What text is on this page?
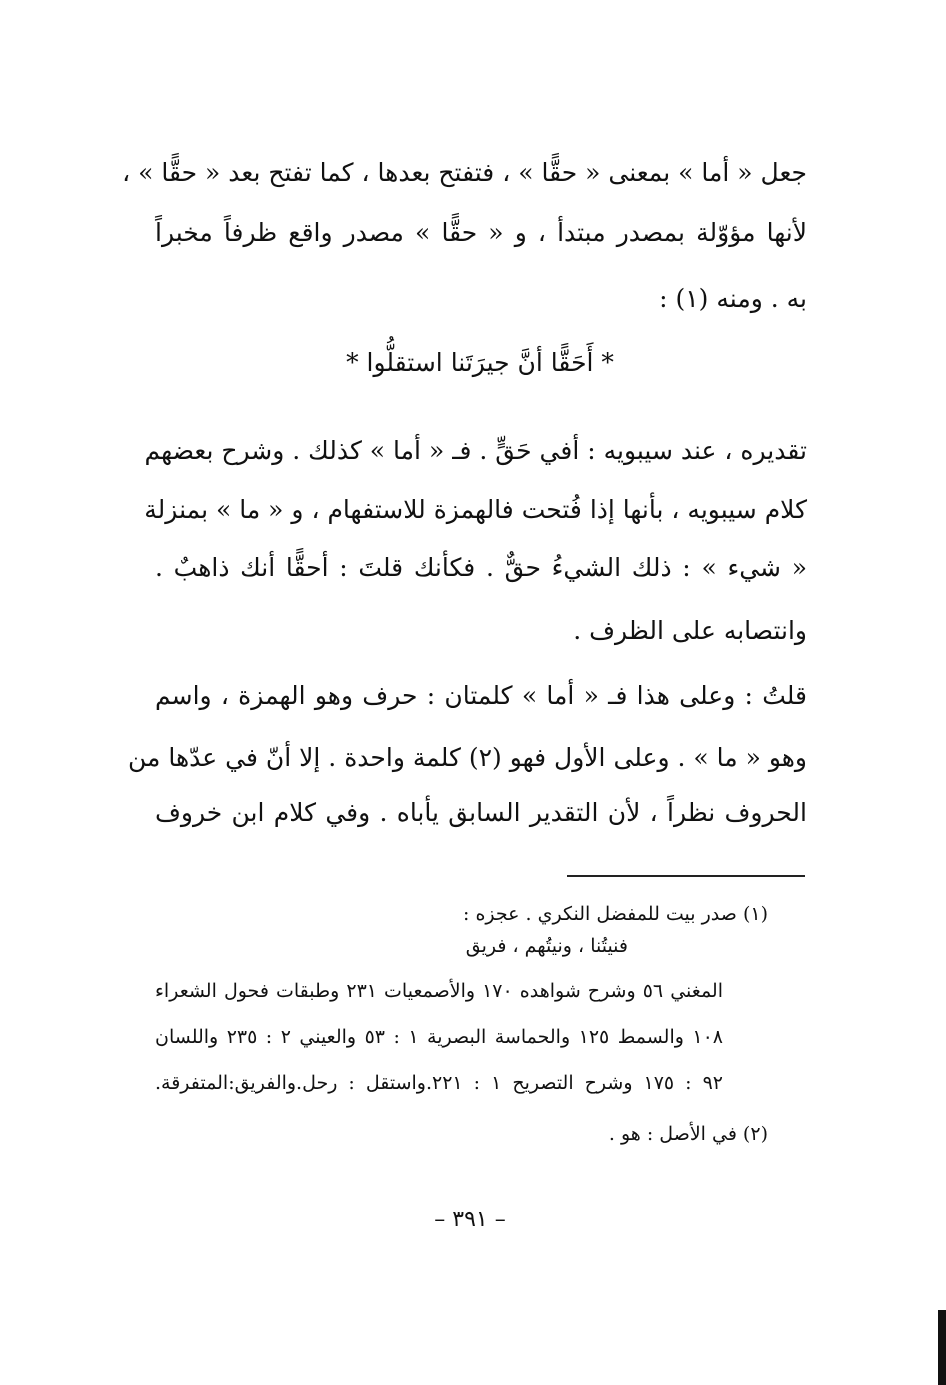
جعل « أما » بمعنى « حقًّا » ، فتفتح بعدها ، كما تفتح بعد « حقًّا » ،
لأنها مؤوّلة بمصدر مبتدأ ، و « حقًّا » مصدر واقع ظرفاً مخبراً
به . ومنه (١) :
* أَحَقًّا أنَّ جيرَتَنا استقلُّوا *
تقديره ، عند سيبويه : أفي حَقٍّ . فـ « أما » كذلك . وشرح بعضهم
كلام سيبويه ، بأنها إذا فُتحت فالهمزة للاستفهام ، و « ما » بمنزلة
« شيء » : ذلك الشيءُ حقٌّ . فكأنك قلتَ : أحقًّا أنك ذاهبٌ .
وانتصابه على الظرف .
قلتُ : وعلى هذا فـ « أما » كلمتان : حرف وهو الهمزة ، واسم
وهو « ما » . وعلى الأول فهو (٢) كلمة واحدة . إلا أنّ في عدّها من
الحروف نظراً ، لأن التقدير السابق يأباه . وفي كلام ابن خروف
(١) صدر بيت للمفضل النكري . عجزه :
فنيتُنا ، ونيتُهم ، فريق
المغني ٥٦ وشرح شواهده ١٧٠ والأصمعيات ٢٣١ وطبقات فحول الشعراء
١٠٨ والسمط ١٢٥ والحماسة البصرية ١ : ٥٣ والعيني ٢ : ٢٣٥ واللسان
٩٢ : ١٧٥ وشرح التصريح ١ : ٢٢١.واستقل : رحل.والفريق:المتفرقة.
(٢) في الأصل : هو .
– ٣٩١ –
